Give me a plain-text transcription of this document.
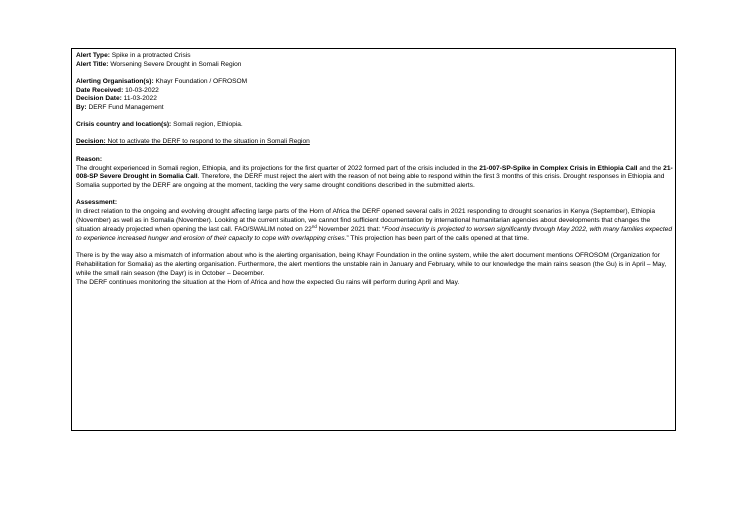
Alert Type: Spike in a protracted Crisis
Alert Title: Worsening Severe Drought in Somali Region
Alerting Organisation(s): Khayr Foundation / OFROSOM
Date Received: 10-03-2022
Decision Date: 11-03-2022
By: DERF Fund Management
Crisis country and location(s): Somali region, Ethiopia.
Decision: Not to activate the DERF to respond to the situation in Somali Region
Reason:

The drought experienced in Somali region, Ethiopia, and its projections for the first quarter of 2022 formed part of the crisis included in the 21-007-SP-Spike in Complex Crisis in Ethiopia Call and the 21-008-SP Severe Drought in Somalia Call. Therefore, the DERF must reject the alert with the reason of not being able to respond within the first 3 months of this crisis. Drought responses in Ethiopia and Somalia supported by the DERF are ongoing at the moment, tackling the very same drought conditions described in the submitted alerts.

Assessment:

In direct relation to the ongoing and evolving drought affecting large parts of the Horn of Africa the DERF opened several calls in 2021 responding to drought scenarios in Kenya (September), Ethiopia (November) as well as in Somalia (November). Looking at the current situation, we cannot find sufficient documentation by international humanitarian agencies about developments that changes the situation already projected when opening the last call. FAO/SWALIM noted on 22nd November 2021 that: “Food insecurity is projected to worsen significantly through May 2022, with many families expected to experience increased hunger and erosion of their capacity to cope with overlapping crises.” This projection has been part of the calls opened at that time.

There is by the way also a mismatch of information about who is the alerting organisation, being Khayr Foundation in the online system, while the alert document mentions OFROSOM (Organization for Rehabilitation for Somalia) as the alerting organisation. Furthermore, the alert mentions the unstable rain in January and February, while to our knowledge the main rains season (the Gu) is in April – May, while the small rain season (the Dayr) is in October – December.

The DERF continues monitoring the situation at the Horn of Africa and how the expected Gu rains will perform during April and May.
